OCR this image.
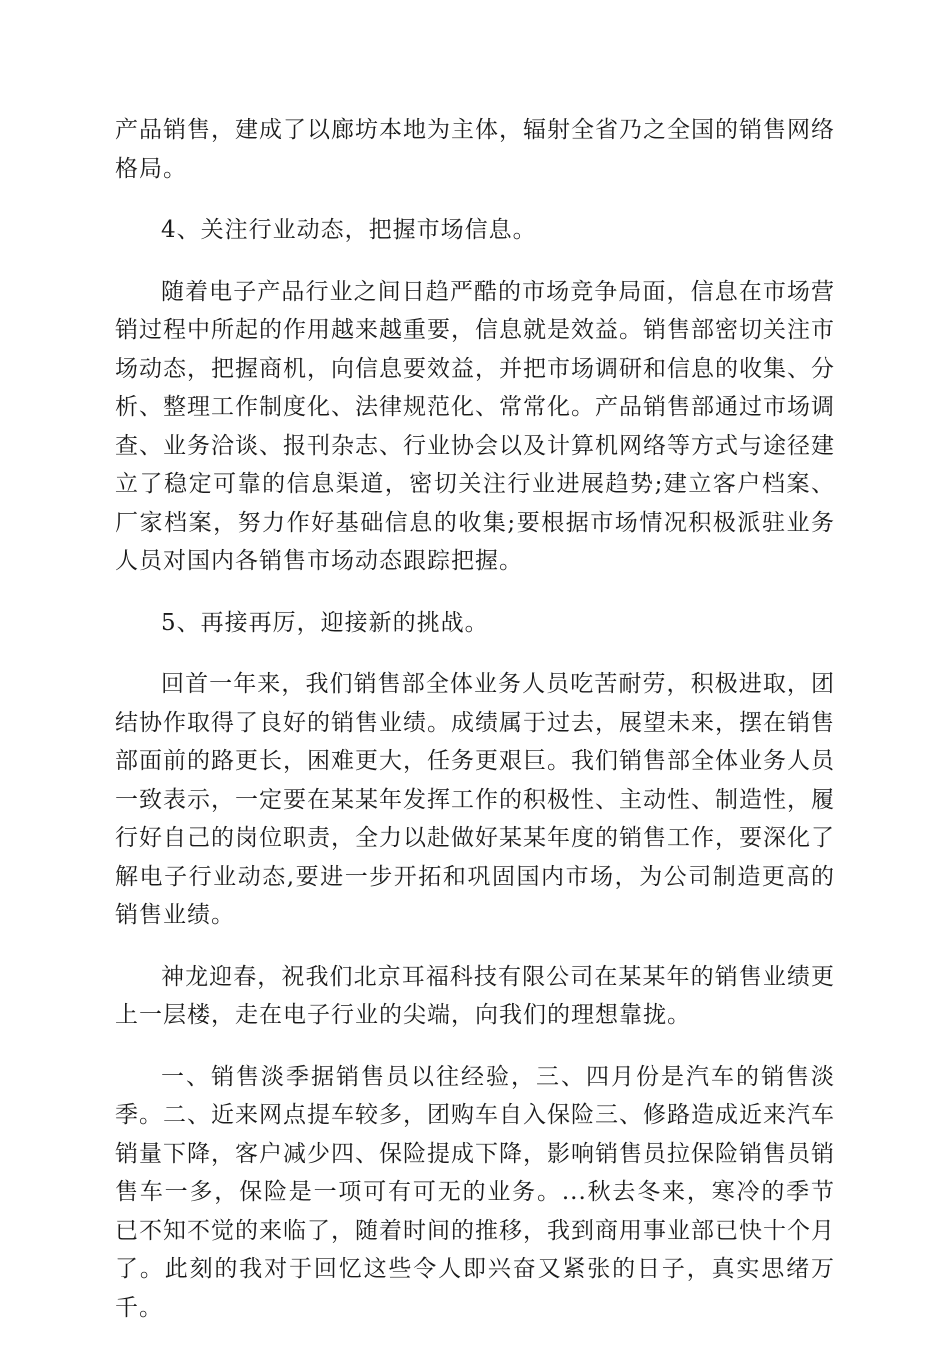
产品销售，建成了以廊坊本地为主体，辐射全省乃之全国的销售网络格局。

4、关注行业动态，把握市场信息。

随着电子产品行业之间日趋严酷的市场竞争局面，信息在市场营销过程中所起的作用越来越重要，信息就是效益。销售部密切关注市场动态，把握商机，向信息要效益，并把市场调研和信息的收集、分析、整理工作制度化、法律规范化、常常化。产品销售部通过市场调查、业务洽谈、报刊杂志、行业协会以及计算机网络等方式与途径建立了稳定可靠的信息渠道，密切关注行业进展趋势;建立客户档案、厂家档案，努力作好基础信息的收集;要根据市场情况积极派驻业务人员对国内各销售市场动态跟踪把握。

5、再接再厉，迎接新的挑战。

回首一年来，我们销售部全体业务人员吃苦耐劳，积极进取，团结协作取得了良好的销售业绩。成绩属于过去，展望未来，摆在销售部面前的路更长，困难更大，任务更艰巨。我们销售部全体业务人员一致表示，一定要在某某年发挥工作的积极性、主动性、制造性，履行好自己的岗位职责，全力以赴做好某某年度的销售工作，要深化了解电子行业动态,要进一步开拓和巩固国内市场，为公司制造更高的销售业绩。

神龙迎春，祝我们北京耳福科技有限公司在某某年的销售业绩更上一层楼，走在电子行业的尖端，向我们的理想靠拢。

一、销售淡季据销售员以往经验，三、四月份是汽车的销售淡季。二、近来网点提车较多，团购车自入保险三、修路造成近来汽车销量下降，客户减少四、保险提成下降，影响销售员拉保险销售员销售车一多，保险是一项可有可无的业务。...秋去冬来，寒冷的季节已不知不觉的来临了，随着时间的推移，我到商用事业部已快十个月了。此刻的我对于回忆这些令人即兴奋又紧张的日子，真实思绪万千。
